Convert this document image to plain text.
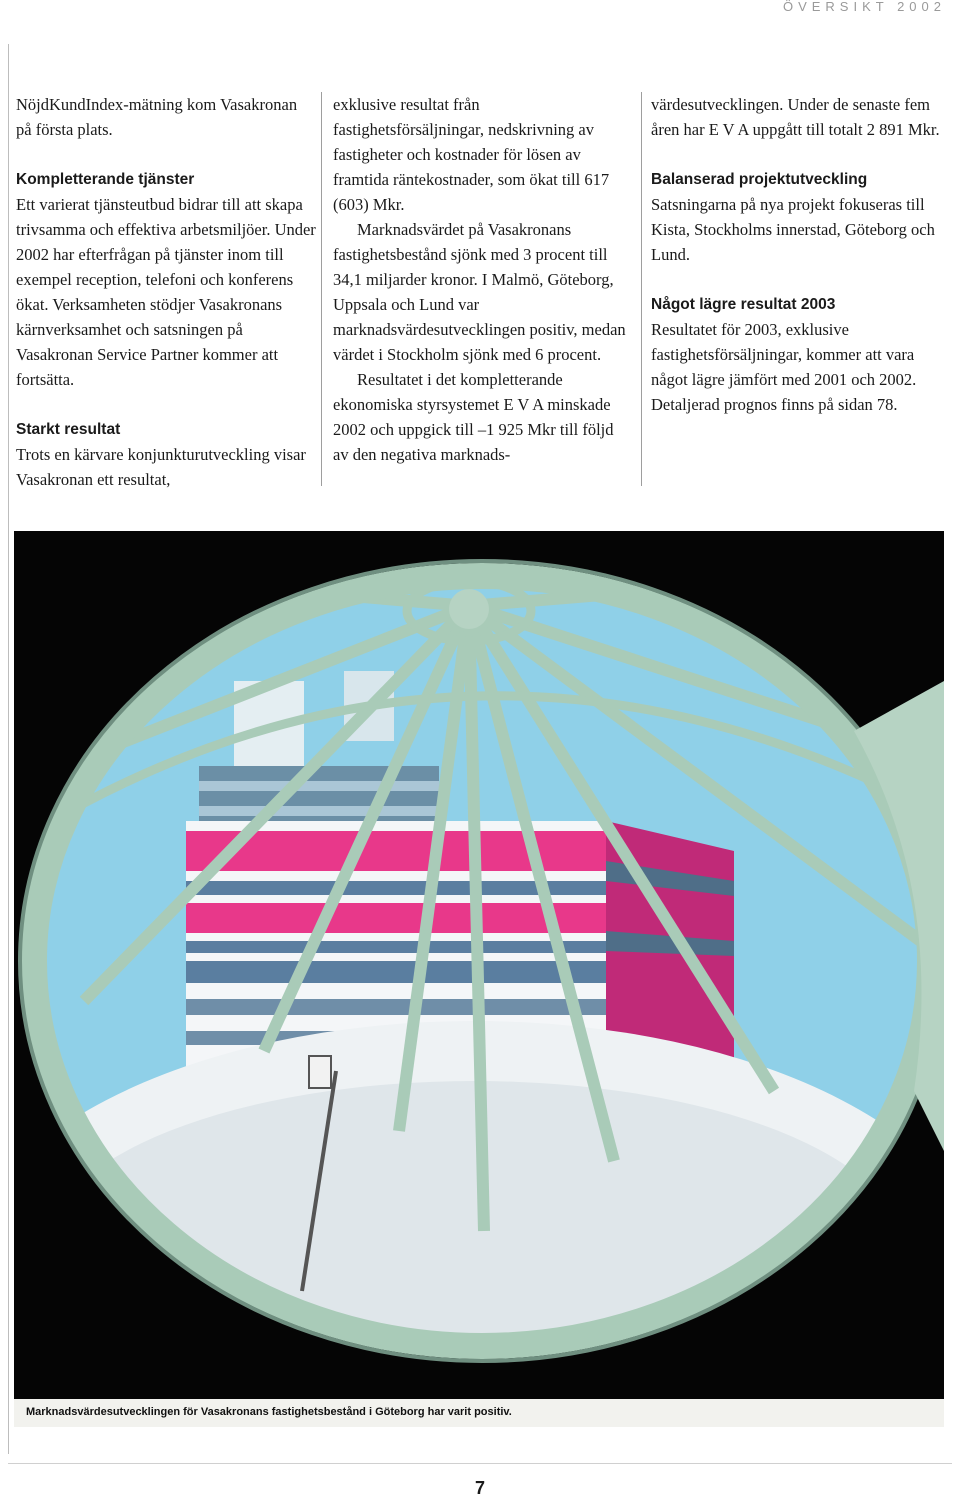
ÖVERSIKT 2002

NöjdKundIndex-mätning kom Vasakronan på första plats.

Kompletterande tjänster

Ett varierat tjänsteutbud bidrar till att skapa trivsamma och effektiva arbetsmiljöer. Under 2002 har efterfrågan på tjänster inom till exempel reception, telefoni och konferens ökat. Verksamheten stödjer Vasakronans kärnverksamhet och satsningen på Vasakronan Service Partner kommer att fortsätta.

Starkt resultat

Trots en kärvare konjunkturutveckling visar Vasakronan ett resultat,

exklusive resultat från fastighetsförsäljningar, nedskrivning av fastigheter och kostnader för lösen av framtida räntekostnader, som ökat till 617 (603) Mkr.

Marknadsvärdet på Vasakronans fastighetsbestånd sjönk med 3 procent till 34,1 miljarder kronor. I Malmö, Göteborg, Uppsala och Lund var marknadsvärdesutvecklingen positiv, medan värdet i Stockholm sjönk med 6 procent.

Resultatet i det kompletterande ekonomiska styrsystemet E V A minskade 2002 och uppgick till –1 925 Mkr till följd av den negativa marknads-

värdesutvecklingen. Under de senaste fem åren har E V A uppgått till totalt 2 891 Mkr.

Balanserad projektutveckling

Satsningarna på nya projekt fokuseras till Kista, Stockholms innerstad, Göteborg och Lund.

Något lägre resultat 2003

Resultatet för 2003, exklusive fastighetsförsäljningar, kommer att vara något lägre jämfört med 2001 och 2002. Detaljerad prognos finns på sidan 78.

Marknadsvärdesutvecklingen för Vasakronans fastighetsbestånd i Göteborg har varit positiv.
7
